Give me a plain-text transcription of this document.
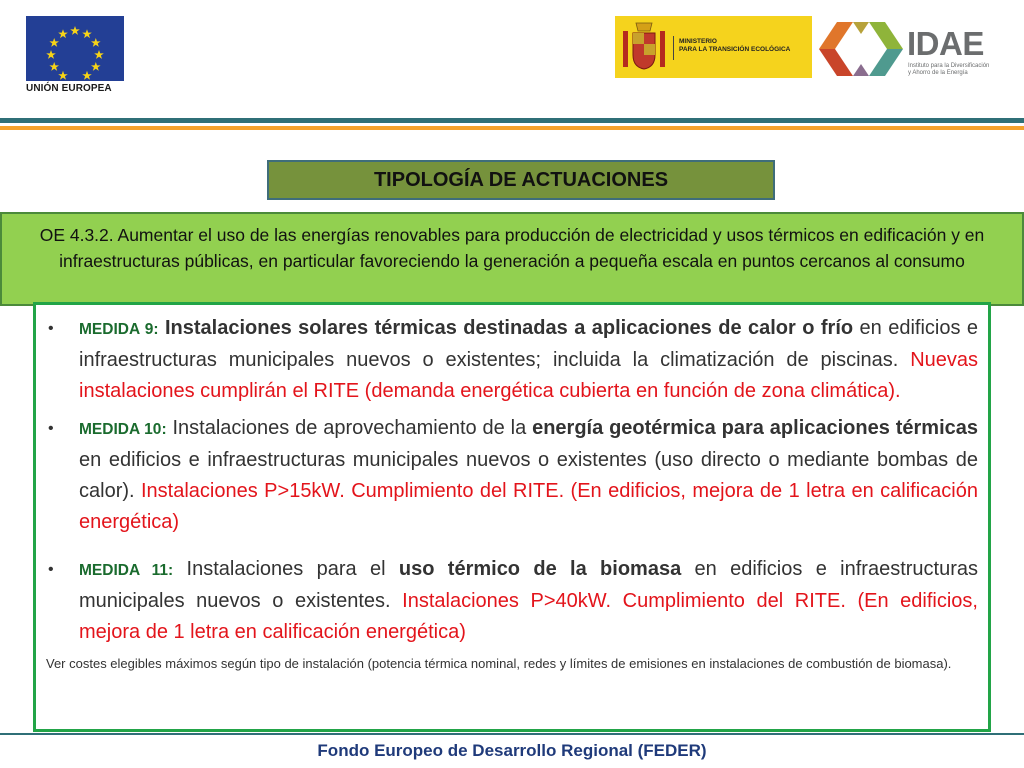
UNIÓN EUROPEA
MINISTERIO
PARA LA TRANSICIÓN ECOLÓGICA	IDAE
Instituto para la Diversificación
y Ahorro de la Energía
TIPOLOGÍA DE ACTUACIONES
OE 4.3.2. Aumentar el uso de las energías renovables para producción de electricidad y usos térmicos en edificación y en infraestructuras públicas, en particular favoreciendo la generación a pequeña escala en puntos cercanos al consumo
• MEDIDA 9: Instalaciones solares térmicas destinadas a aplicaciones de calor o frío en edificios e infraestructuras municipales nuevos o existentes; incluida la climatización de piscinas. Nuevas instalaciones cumplirán el RITE (demanda energética cubierta en función de zona climática).
• MEDIDA 10: Instalaciones de aprovechamiento de la energía geotérmica para aplicaciones térmicas en edificios e infraestructuras municipales nuevos o existentes (uso directo o mediante bombas de calor). Instalaciones P>15kW. Cumplimiento del RITE. (En edificios, mejora de 1 letra en calificación energética)
• MEDIDA 11: Instalaciones para el uso térmico de la biomasa en edificios e infraestructuras municipales nuevos o existentes. Instalaciones P>40kW. Cumplimiento del RITE. (En edificios, mejora de 1 letra en calificación energética)
Ver costes elegibles máximos según tipo de instalación (potencia térmica nominal, redes y límites de emisiones en instalaciones de combustión de biomasa).
Fondo Europeo de Desarrollo Regional (FEDER)
